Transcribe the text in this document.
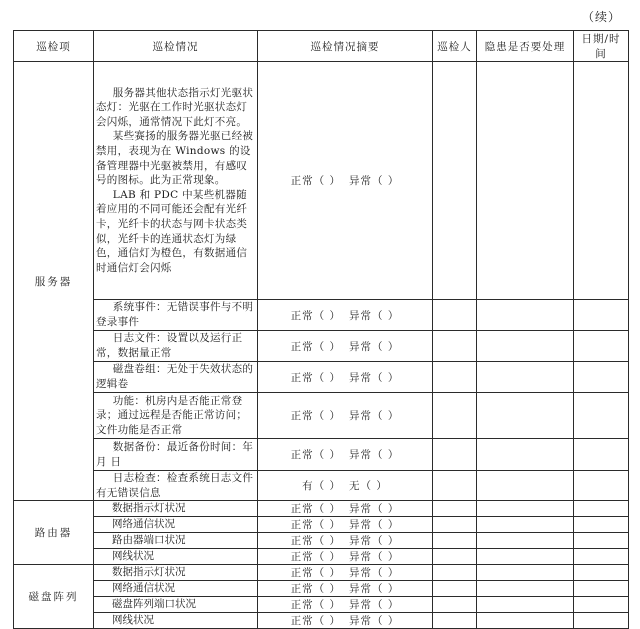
（续）
巡检项	巡检情况	巡检情况摘要	巡检人	隐患是否要处理	日期/时间
服务器	服务器其他状态指示灯光驱状态灯：光驱在工作时光驱状态灯会闪烁，通常情况下此灯不亮。

某些赛扬的服务器光驱已经被禁用，表现为在 Windows 的设备管理器中光驱被禁用，有感叹号的图标。此为正常现象。

LAB 和 PDC 中某些机器随着应用的不同可能还会配有光纤卡，光纤卡的状态与网卡状态类似，光纤卡的连通状态灯为绿色，通信灯为橙色，有数据通信时通信灯会闪烁	正常（ ） 异常（ ）			

	系统事件：无错误事件与不明登录事件	正常（ ） 异常（ ）			

	日志文件：设置以及运行正常，数据量正常	正常（ ） 异常（ ）			

	磁盘卷组：无处于失效状态的逻辑卷	正常（ ） 异常（ ）			

	功能：机房内是否能正常登录；通过远程是否能正常访问；文件功能是否正常	正常（ ） 异常（ ）			

	数据备份：最近备份时间：年 月 日	正常（ ） 异常（ ）			

	日志检查：检查系统日志文件有无错误信息	有（ ） 无（ ）			
路由器	数据指示灯状况	正常（ ） 异常（ ）			
	网络通信状况	正常（ ） 异常（ ）			
	路由器端口状况	正常（ ） 异常（ ）			
	网线状况	正常（ ） 异常（ ）			
磁盘阵列	数据指示灯状况	正常（ ） 异常（ ）			
	网络通信状况	正常（ ） 异常（ ）			
	磁盘阵列端口状况	正常（ ） 异常（ ）			
	网线状况	正常（ ） 异常（ ）			
